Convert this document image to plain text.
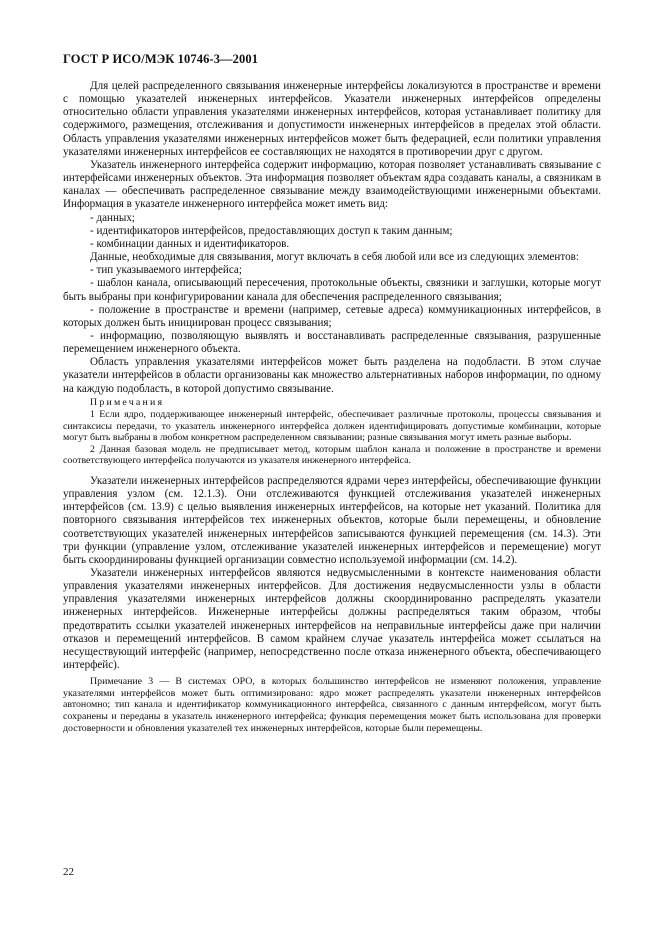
ГОСТ Р ИСО/МЭК 10746-3—2001

Для целей распределенного связывания инженерные интерфейсы локализуются в пространстве и времени с помощью указателей инженерных интерфейсов. Указатели инженерных интерфейсов определены относительно области управления указателями инженерных интерфейсов, которая устанавливает политику для содержимого, размещения, отслеживания и допустимости инженерных интерфейсов в пределах этой области. Область управления указателями инженерных интерфейсов может быть федерацией, если политики управления указателями инженерных интерфейсов ее составляющих не находятся в противоречии друг с другом.

Указатель инженерного интерфейса содержит информацию, которая позволяет устанавливать связывание с интерфейсами инженерных объектов. Эта информация позволяет объектам ядра создавать каналы, а связникам в каналах — обеспечивать распределенное связывание между взаимодействующими инженерными объектами. Информация в указателе инженерного интерфейса может иметь вид:

- данных;

- идентификаторов интерфейсов, предоставляющих доступ к таким данным;

- комбинации данных и идентификаторов.

Данные, необходимые для связывания, могут включать в себя любой или все из следующих элементов:

- тип указываемого интерфейса;

- шаблон канала, описывающий пересечения, протокольные объекты, связники и заглушки, которые могут быть выбраны при конфигурировании канала для обеспечения распределенного связывания;

- положение в пространстве и времени (например, сетевые адреса) коммуникационных интерфейсов, в которых должен быть инициирован процесс связывания;

- информацию, позволяющую выявлять и восстанавливать распределенные связывания, разрушенные перемещением инженерного объекта.

Область управления указателями интерфейсов может быть разделена на подобласти. В этом случае указатели интерфейсов в области организованы как множество альтернативных наборов информации, по одному на каждую подобласть, в которой допустимо связывание.

Примечания

1 Если ядро, поддерживающее инженерный интерфейс, обеспечивает различные протоколы, процессы связывания и синтаксисы передачи, то указатель инженерного интерфейса должен идентифицировать допустимые комбинации, которые могут быть выбраны в любом конкретном распределенном связывании; разные связывания могут иметь разные выборы.

2 Данная базовая модель не предписывает метод, которым шаблон канала и положение в пространстве и времени соответствующего интерфейса получаются из указателя инженерного интерфейса.

Указатели инженерных интерфейсов распределяются ядрами через интерфейсы, обеспечивающие функции управления узлом (см. 12.1.3). Они отслеживаются функцией отслеживания указателей инженерных интерфейсов (см. 13.9) с целью выявления инженерных интерфейсов, на которые нет указаний. Политика для повторного связывания интерфейсов тех инженерных объектов, которые были перемещены, и обновление соответствующих указателей инженерных интерфейсов записываются функцией перемещения (см. 14.3). Эти три функции (управление узлом, отслеживание указателей инженерных интерфейсов и перемещение) могут быть скоординированы функцией организации совместно используемой информации (см. 14.2).

Указатели инженерных интерфейсов являются недвусмысленными в контексте наименования области управления указателями инженерных интерфейсов. Для достижения недвусмысленности узлы в области управления указателями инженерных интерфейсов должны скоординированно распределять указатели инженерных интерфейсов. Инженерные интерфейсы должны распределяться таким образом, чтобы предотвратить ссылки указателей инженерных интерфейсов на неправильные интерфейсы даже при наличии отказов и перемещений интерфейсов. В самом крайнем случае указатель интерфейса может ссылаться на несуществующий интерфейс (например, непосредственно после отказа инженерного объекта, обеспечивающего интерфейс).

Примечание 3 — В системах ОРО, в которых большинство интерфейсов не изменяют положения, управление указателями интерфейсов может быть оптимизировано: ядро может распределять указатели инженерных интерфейсов автономно; тип канала и идентификатор коммуникационного интерфейса, связанного с данным интерфейсом, могут быть сохранены и переданы в указатель инженерного интерфейса; функция перемещения может быть использована для проверки достоверности и обновления указателей тех инженерных интерфейсов, которые были перемещены.

22
